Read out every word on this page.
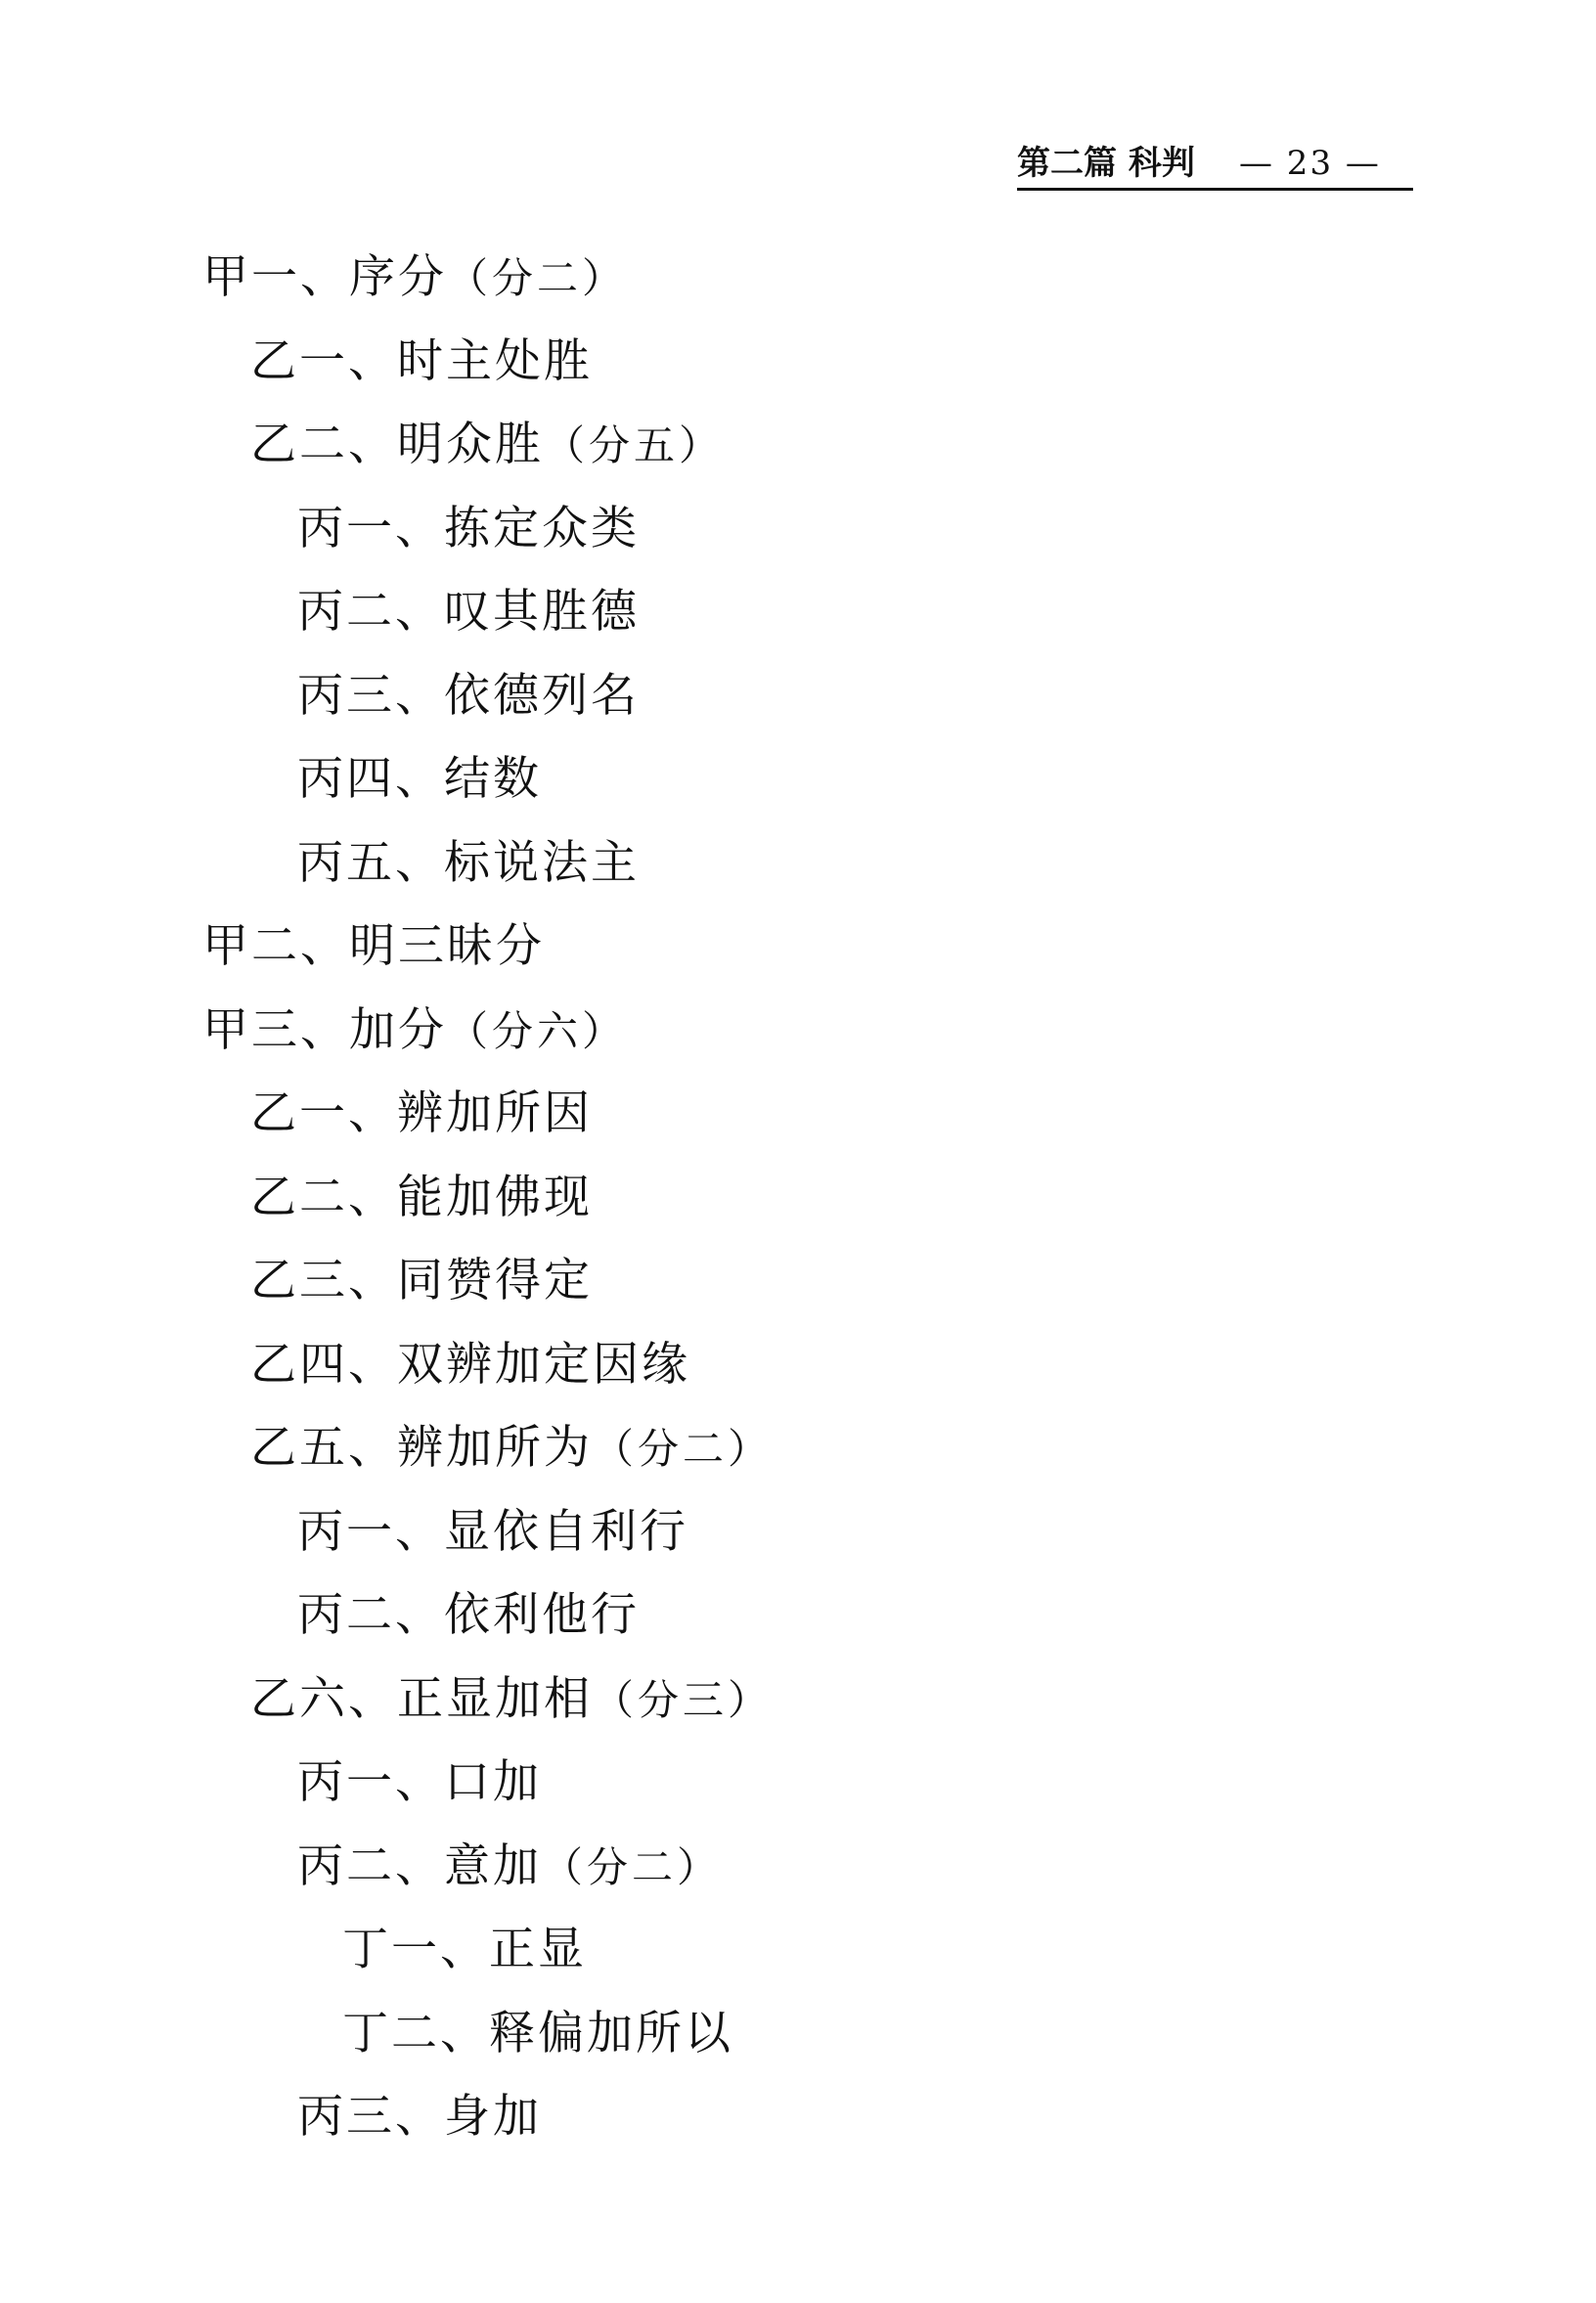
第二篇 科判 — 23 —
甲一、序分（分二）
乙一、时主处胜
乙二、明众胜（分五）
丙一、拣定众类
丙二、叹其胜德
丙三、依德列名
丙四、结数
丙五、标说法主
甲二、明三昧分
甲三、加分（分六）
乙一、辨加所因
乙二、能加佛现
乙三、同赞得定
乙四、双辨加定因缘
乙五、辨加所为（分二）
丙一、显依自利行
丙二、依利他行
乙六、正显加相（分三）
丙一、口加
丙二、意加（分二）
丁一、正显
丁二、释偏加所以
丙三、身加
